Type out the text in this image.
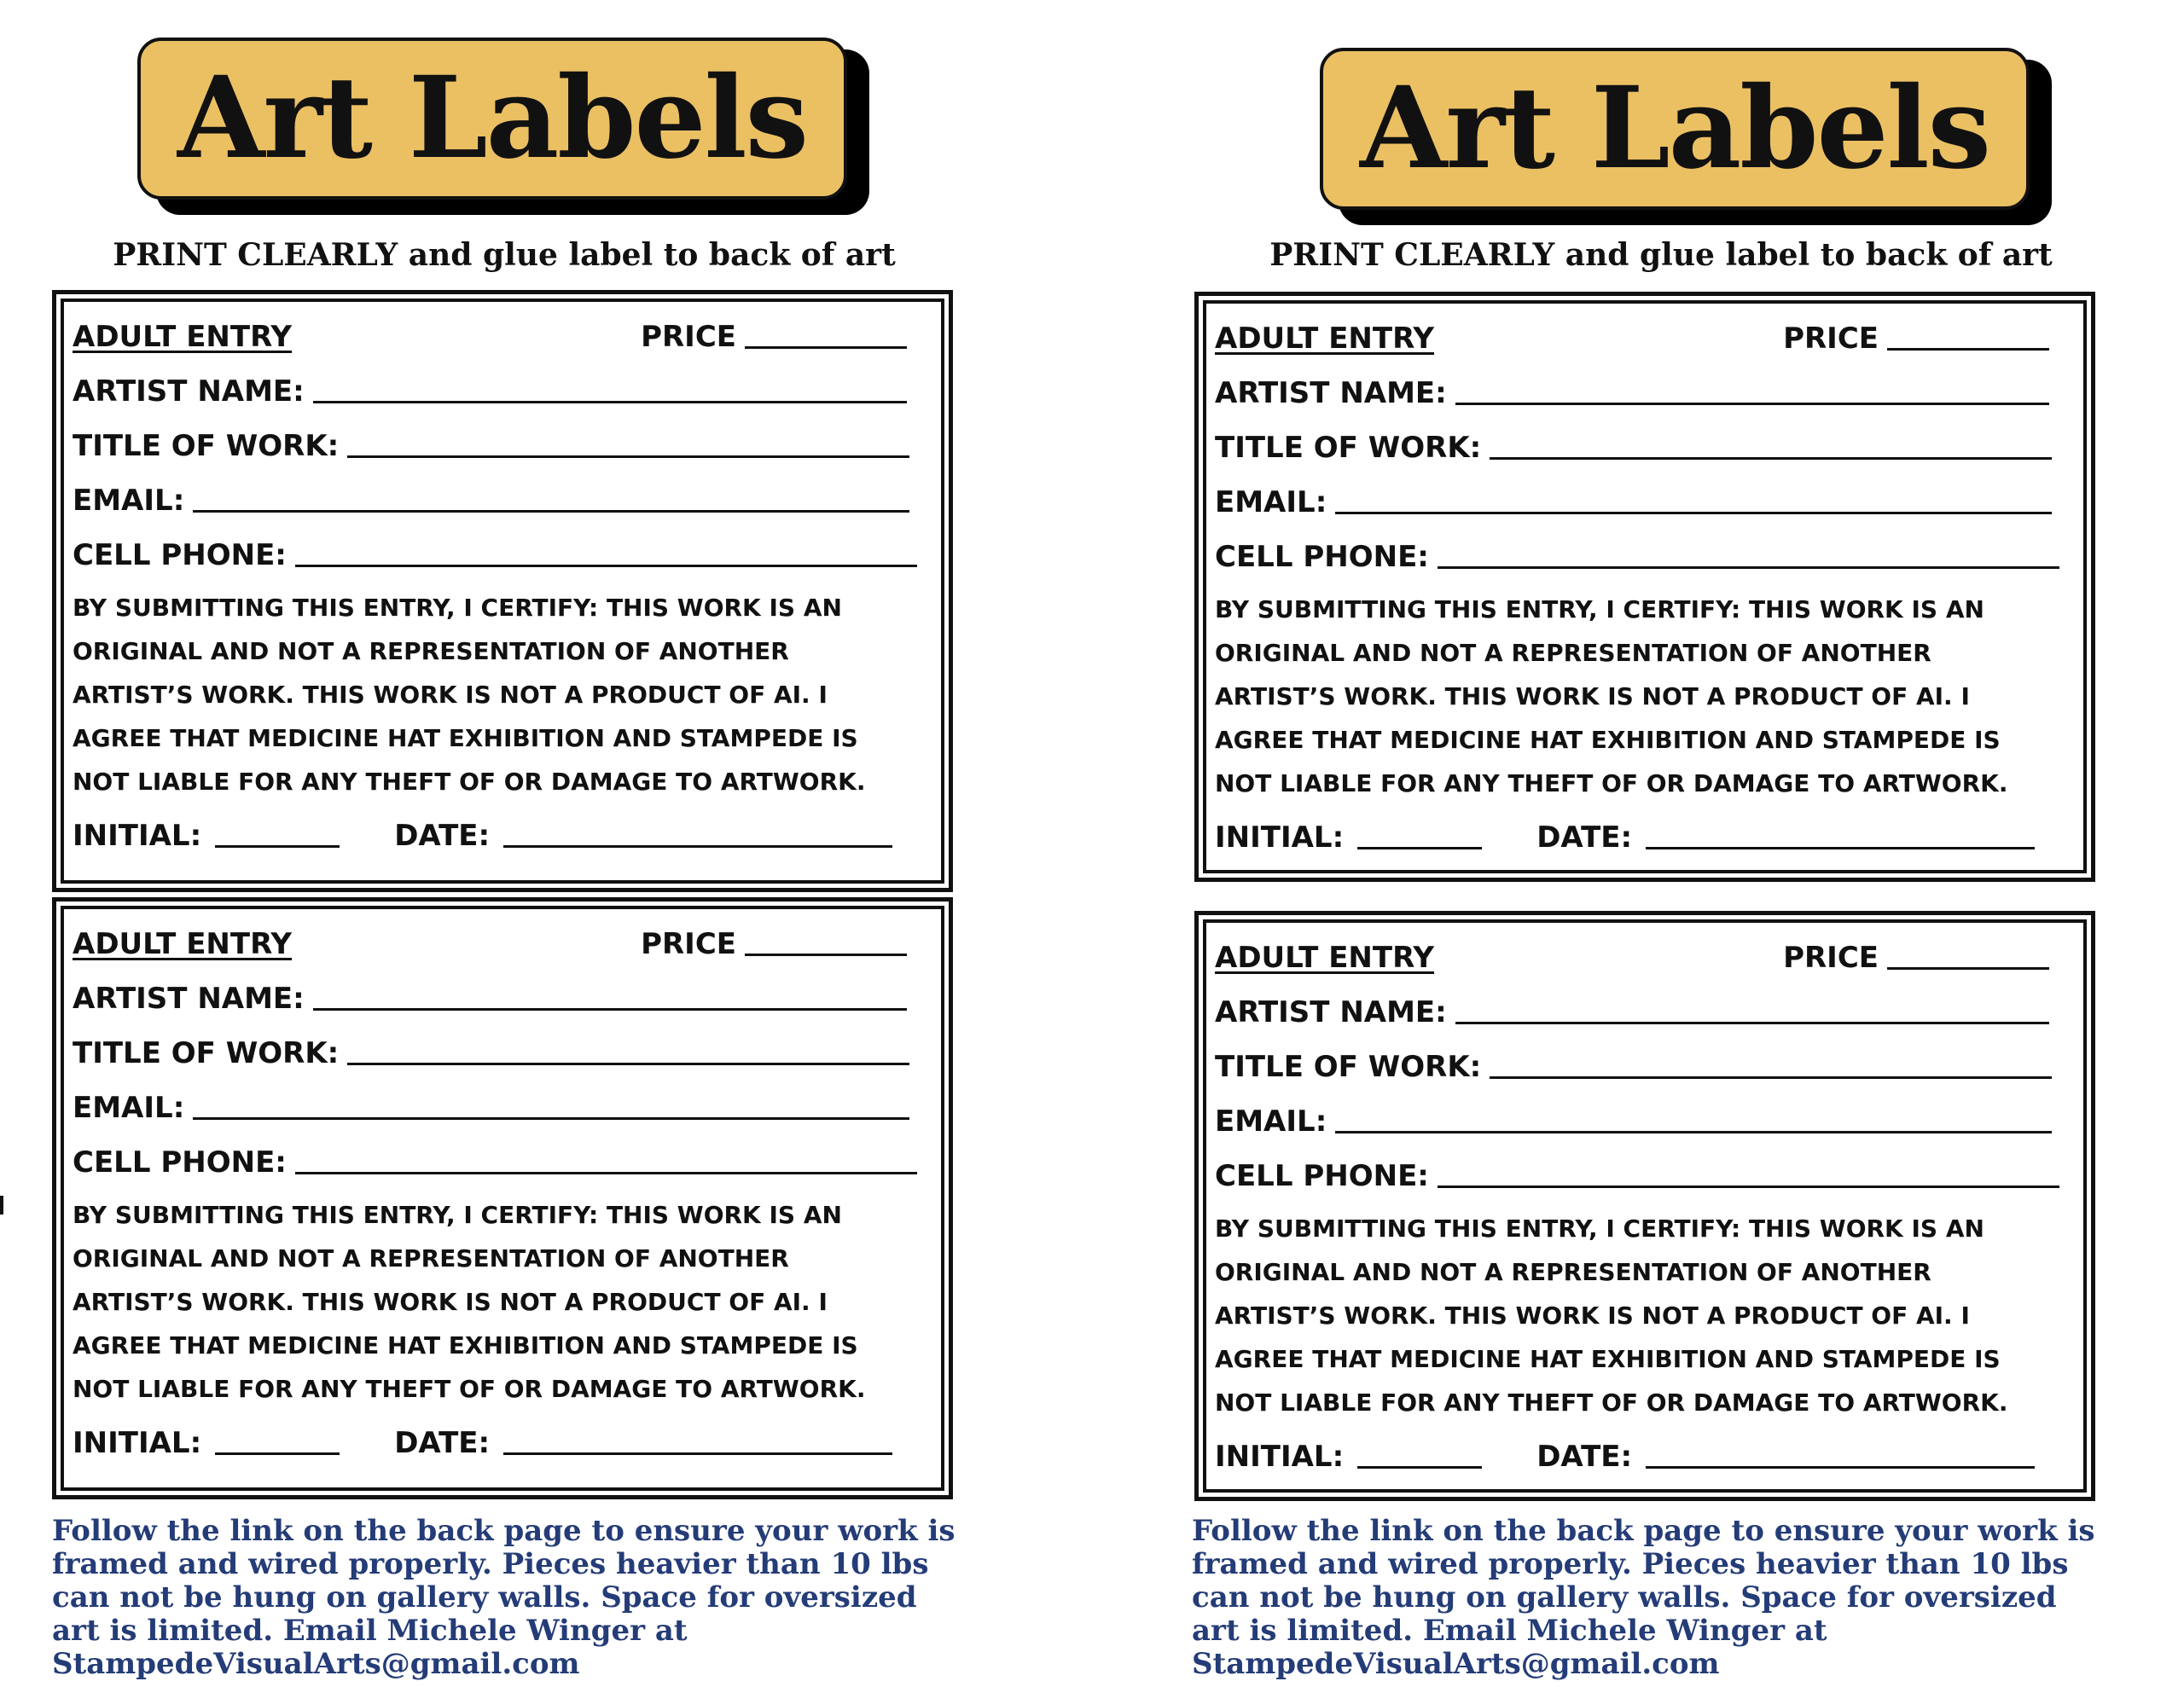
Art Labels
PRINT CLEARLY and glue label to back of art
ADULT ENTRY	PRICE
ARTIST NAME:
TITLE OF WORK:
EMAIL:
CELL PHONE:
BY SUBMITTING THIS ENTRY, I CERTIFY: THIS WORK IS AN ORIGINAL AND NOT A REPRESENTATION OF ANOTHER ARTIST’S WORK. THIS WORK IS NOT A PRODUCT OF AI. I AGREE THAT MEDICINE HAT EXHIBITION AND STAMPEDE IS NOT LIABLE FOR ANY THEFT OF OR DAMAGE TO ARTWORK.
INITIAL:	DATE:
ADULT ENTRY	PRICE
ARTIST NAME:
TITLE OF WORK:
EMAIL:
CELL PHONE:
BY SUBMITTING THIS ENTRY, I CERTIFY: THIS WORK IS AN ORIGINAL AND NOT A REPRESENTATION OF ANOTHER ARTIST’S WORK. THIS WORK IS NOT A PRODUCT OF AI. I AGREE THAT MEDICINE HAT EXHIBITION AND STAMPEDE IS NOT LIABLE FOR ANY THEFT OF OR DAMAGE TO ARTWORK.
INITIAL:	DATE:
Follow the link on the back page to ensure your work is framed and wired properly. Pieces heavier than 10 lbs can not be hung on gallery walls. Space for oversized art is limited. Email Michele Winger at StampedeVisualArts@gmail.com
Art Labels
PRINT CLEARLY and glue label to back of art
ADULT ENTRY	PRICE
ARTIST NAME:
TITLE OF WORK:
EMAIL:
CELL PHONE:
BY SUBMITTING THIS ENTRY, I CERTIFY: THIS WORK IS AN ORIGINAL AND NOT A REPRESENTATION OF ANOTHER ARTIST’S WORK. THIS WORK IS NOT A PRODUCT OF AI. I AGREE THAT MEDICINE HAT EXHIBITION AND STAMPEDE IS NOT LIABLE FOR ANY THEFT OF OR DAMAGE TO ARTWORK.
INITIAL:	DATE:
ADULT ENTRY	PRICE
ARTIST NAME:
TITLE OF WORK:
EMAIL:
CELL PHONE:
BY SUBMITTING THIS ENTRY, I CERTIFY: THIS WORK IS AN ORIGINAL AND NOT A REPRESENTATION OF ANOTHER ARTIST’S WORK. THIS WORK IS NOT A PRODUCT OF AI. I AGREE THAT MEDICINE HAT EXHIBITION AND STAMPEDE IS NOT LIABLE FOR ANY THEFT OF OR DAMAGE TO ARTWORK.
INITIAL:	DATE:
Follow the link on the back page to ensure your work is framed and wired properly. Pieces heavier than 10 lbs can not be hung on gallery walls. Space for oversized art is limited. Email Michele Winger at StampedeVisualArts@gmail.com
